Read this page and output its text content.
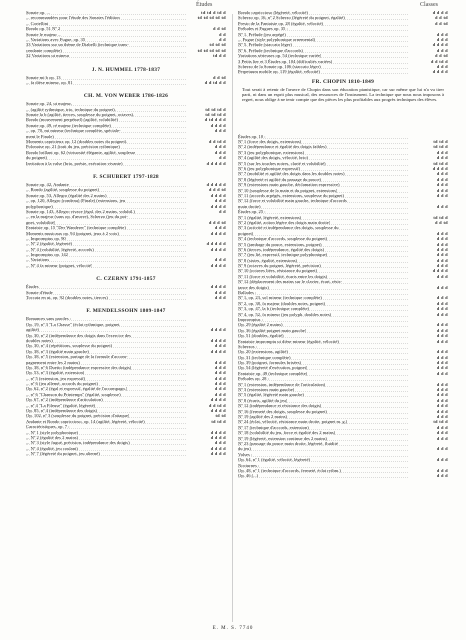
Études	Classes
Sonate op. ...	td td d td d
... recommandées pour l'étude des Sonates l'édition	td td td td td
... Cortellini
Rondo op. 51 Nº 2	d d td
Sonate le majeur ...	d d
... Variations avec Fugue, op. 35	d d
33 Variations sur un thème de Diabelli (technique trans-	td td td
cendante complète)	td td td td td
32 Variations ut mineur	td d d
J. N. HUMMEL 1778-1837
Sonate mi b op. 13	d d td
... fa dièse mineur, op. 81	d d td d d
CH. M. VON WEBER 1786-1826
Sonate op. 24, ut majeur,
... (agilité rythmique, trio, technique du poignet).	td td td d
Sonate la b (agilité, tierces, souplesse du poignet, octaves).	td td td d
Rondo (mouvement perpétuel) (agilité, volubilité)	d td d d d
Sonate op. 49, ré majeur (technique complète)	d d d d
... op. 70, mi mineur (technique complète, spéciale-	d d d
ment le Finale)
Moments capricieux op. 12 (doubles notes du poignet).	d d td d
Polonaise op. 21 (trait du jeu, précision rythmique)	d d d
Rondo brillant op. 62 (virtuosité élégante, agilité, souplesse	d d d
du poignet)	d d
Invitation à la valse (brio, poésie, exécution vivante)	d d d d d
F. SCHUBERT 1797-1828
Sonate op. 42, Andante	d d d d d
... Rondo (agilité, souplesse du poignet)	d d d td
Sonate op. 53, Allegro (égalité des 2 mains)	d d d d
... op. 120, Allegro (rondeau) (Finale) (extensions, jeu	d d d
polyphonique)	d d d d
Sonate op. 143, Allegro vivace (égal. des 2 mains, volubil.)	d d
... en la majeur (sans op. d'œuvre), Scherzo (jeu du poi-
gnet, volubilité)	d d d td
Fantaisie op. 15 "Der Wanderer" (technique complète)	d d d
Moments musicaux op. 94 (poignet, jeux à 2 voix)	d d d d
... Impromptus op. 90
... Nº 2 (égalité, légèreté)	d d d d d
... Nº 4 (volubilité, légèreté, accords)	d d d d
... Impromptus op. 142
... Variations	d d d
... Nº 4 fa mineur (poignet, vélocité)	d d d d
C. CZERNY 1791-1857
Études	d d d d
Sonate d'étude	d d d
Toccata en ut, op. 92 (doubles notes, tierces)	d d d
F. MENDELSSOHN 1809-1847
Romances sans paroles :
Op. 19, nº 3 "La Chasse" (éclat rythmique, poignet,
agilité)	d d d d
Op. 30, nº 2 (indépendance des doigts dans l'exercice des
doubles notes)	d d d d
Op. 30, nº 4 (répétitions, souplesse du poignet)	d d d
Op. 38, nº 3 (égalité main gauche)	d d d d
Op. 38, nº 5 (extension, partage de la formule d'accom-
pagnement entre les 2 mains)	d d d
Op. 38, nº 6 Duetto (indépendance expressive des doigts)	d d d
Op. 53, nº 3 (égalité, extension)	d d d
... nº 5 (extension, jeu expressif)	d d d
... nº 6 (jeu allemé, accords du poignet)	d d d
Op. 62, nº 2 (égal et expressif, égalité de l'accompagn.)	d d d
... nº 6 "Chanson du Printemps" (égalité, souplesse)	d d d
Op. 67, nº 2 (indépendance d'articulation)	d d d d
... nº 4 "La Fileuse" (égalité, légèreté)	d d td d
Op. 85, nº 4 (indépendance des doigts)	d d d d
Op. 102, nº 3 (souplesse du poignet, précision d'attaque)	td td
Andante et Rondo capriccioso, op. 14 (agilité, légèreté, vélocité)	td td d
Caractéristiques, op. 7 :
... Nº 1 (style polyphonique)	d d d d
... Nº 2 (égalité des 2 mains)	d d d d
... Nº 3 (style fugué, précision, indépendance des doigts)	d d d
... Nº 4 (égalité, jeu coulant)	d d d d
... Nº 7 (légèreté du poignet, jeu alterné)	d d d d
Rondo capriccioso (légèreté, vélocité)	d d d d
Scherzo op. 16, nº 2 Scherzo (légèreté du poignet, égalité)	d d td
Presto de la Fantaisie op. 28 (égalité, vélocité)	d d td
Préludes et Fugues op. 35 :
Nº 1. Prélude (jeu arpégé)	d d d
... Fugue (style polyphonique ornemental)	d d d
Nº 5. Prélude (staccato léger)	d d d d
Nº 6. Prélude (technique d'accords)	d d d
Variations sérieuses op. 54 (technique variée)	d d td
3 Petits lier et 3 Études op. 104 (difficultés variées)	d d td d
Scherzo de la Sonate op. 106 (staccato léger)	d d d
Perpetuum mobile op. 119 (égalité, vélocité)	d d d d
FR. CHOPIN 1810-1849
Tout serait à retenir de l'œuvre de Chopin dans son éducation pianistique, car sur même que lui n'a vu tirer parti, ni dans un esprit plus musical, des ressources de l'instrument. La technique que nous nous imposons à regret, nous oblige à ne tenir compte que des pièces les plus profitables aux progrès techniques des élèves.
Études op. 10 :
Nº 1 (force des doigts, extensions)	td td d
Nº 2 (indépendance et égalité des doigts faibles)	td td d
Nº 3 (jeu polyphonique, extensions)	d d d
Nº 4 (agilité des doigts, vélocité, brio)	d d d
Nº 5 (sur les touches noires, clarté et volubilité)	td td d
Nº 6 (jeu polyphonique expressif)	d d d d
Nº 7 (mobilité et agilité des doigts dans les doubles notes)	d d d
Nº 8 (légèreté et agilité du passage du pouce)	d d d
Nº 9 (extensions main gauche, déclamation expressive)	d d d
Nº 10 (souplesse de la main et du poignet, extensions)	d d d
Nº 11 (accords arpégés, extensions, souplesse du poignet)	d d d
Nº 12 (force et volubilité main gauche, technique d'accords
main droite)	d d d
Études op. 25 :
Nº 1 (égalité, légèreté, extensions)	td td d
Nº 2 (égalité, action légère des doigts main droite)	d d td
Nº 3 (activité et indépendance des doigts, souplesse du
poignet)	d d d
Nº 4 (technique d'accords, souplesse du poignet)	d d d
Nº 5 (jambage du pouce, extensions, poignet)	d d d
Nº 6 (tierces, indépendance, égalité des doigts)	d d d
Nº 7 (jeu lié, expressif, technique polyphonique)	d d d
Nº 8 (sixtes, égalité, extensions)	d d d
Nº 9 (octaves du poignet, légèreté, précision)	d d d
Nº 10 (octaves liées, résistance du poignet)	d d d d
Nº 11 (force et volubilité, écarts entre les doigts)	d d d
Nº 12 (déplacement des mains sur le clavier, écart, résis-
tance des doigts)	d d d
Ballades :
Nº 1, op. 23, sol mineur (technique complète)	d d d
Nº 2, op. 38, fa majeur (doubles notes, poignet)	d d d
Nº 3, op. 47, la b (technique complète)	d d d
Nº 4, op. 52, fa mineur (jeu polyph. doubles notes)	d d d
Impromptus :
Op. 29 (égalité 2 mains)	d d d
Op. 36 (égalité poignet main gauche)	d d d
Op. 51 (doubles, égalité)	d d d
Fantaisie impromptu ut dièse mineur (égalité, vélocité)	d d d
Scherzos :
Op. 20 (extensions, agilité)	d d d
Op. 31 (technique complète)	d d d
Op. 39 (poignet, formules brisées)	d d d
Op. 54 (légèreté d'exécution, poignet)	d d d
Fantaisie op. 49 (technique complète)	d d d
Préludes op. 28 :
Nº 1 (extension, indépendance de l'articulation)	d d d
Nº 3 (extensions main gauche)	d d d
Nº 5 (égalité, légèreté main gauche)	d d d
Nº 8 (écarts, agilité du jeu)	d d d
Nº 12 (indépendance et résistance des doigts)	d d d
Nº 16 (fermeté des doigts, souplesse du poignet)	d d d
Nº 19 (agilité des 2 mains)	d d d
Nº 24 (éclat, vélocité, résistance main droite, poignet m. g.)	td td d
Nº 17 (technique d'accords, extension)	d d d
Nº 18 (volubilité du jeu, force et égalité des 2 mains)	d d d
Nº 19 (légèreté, extension continue des 2 mains)	d d d
Nº 23 (passage du pouce main droite, légèreté, fluidité
du jeu)	d d d
Valses :
Op. 64, nº 1 (égalité, vélocité, légèreté)	d d d
Nocturnes :
Op. 48, nº 1 (technique d'accords, fermeté, éclat rythm.)	d d d
Op. 46 (...)	d d d
E. M. S. 7740
